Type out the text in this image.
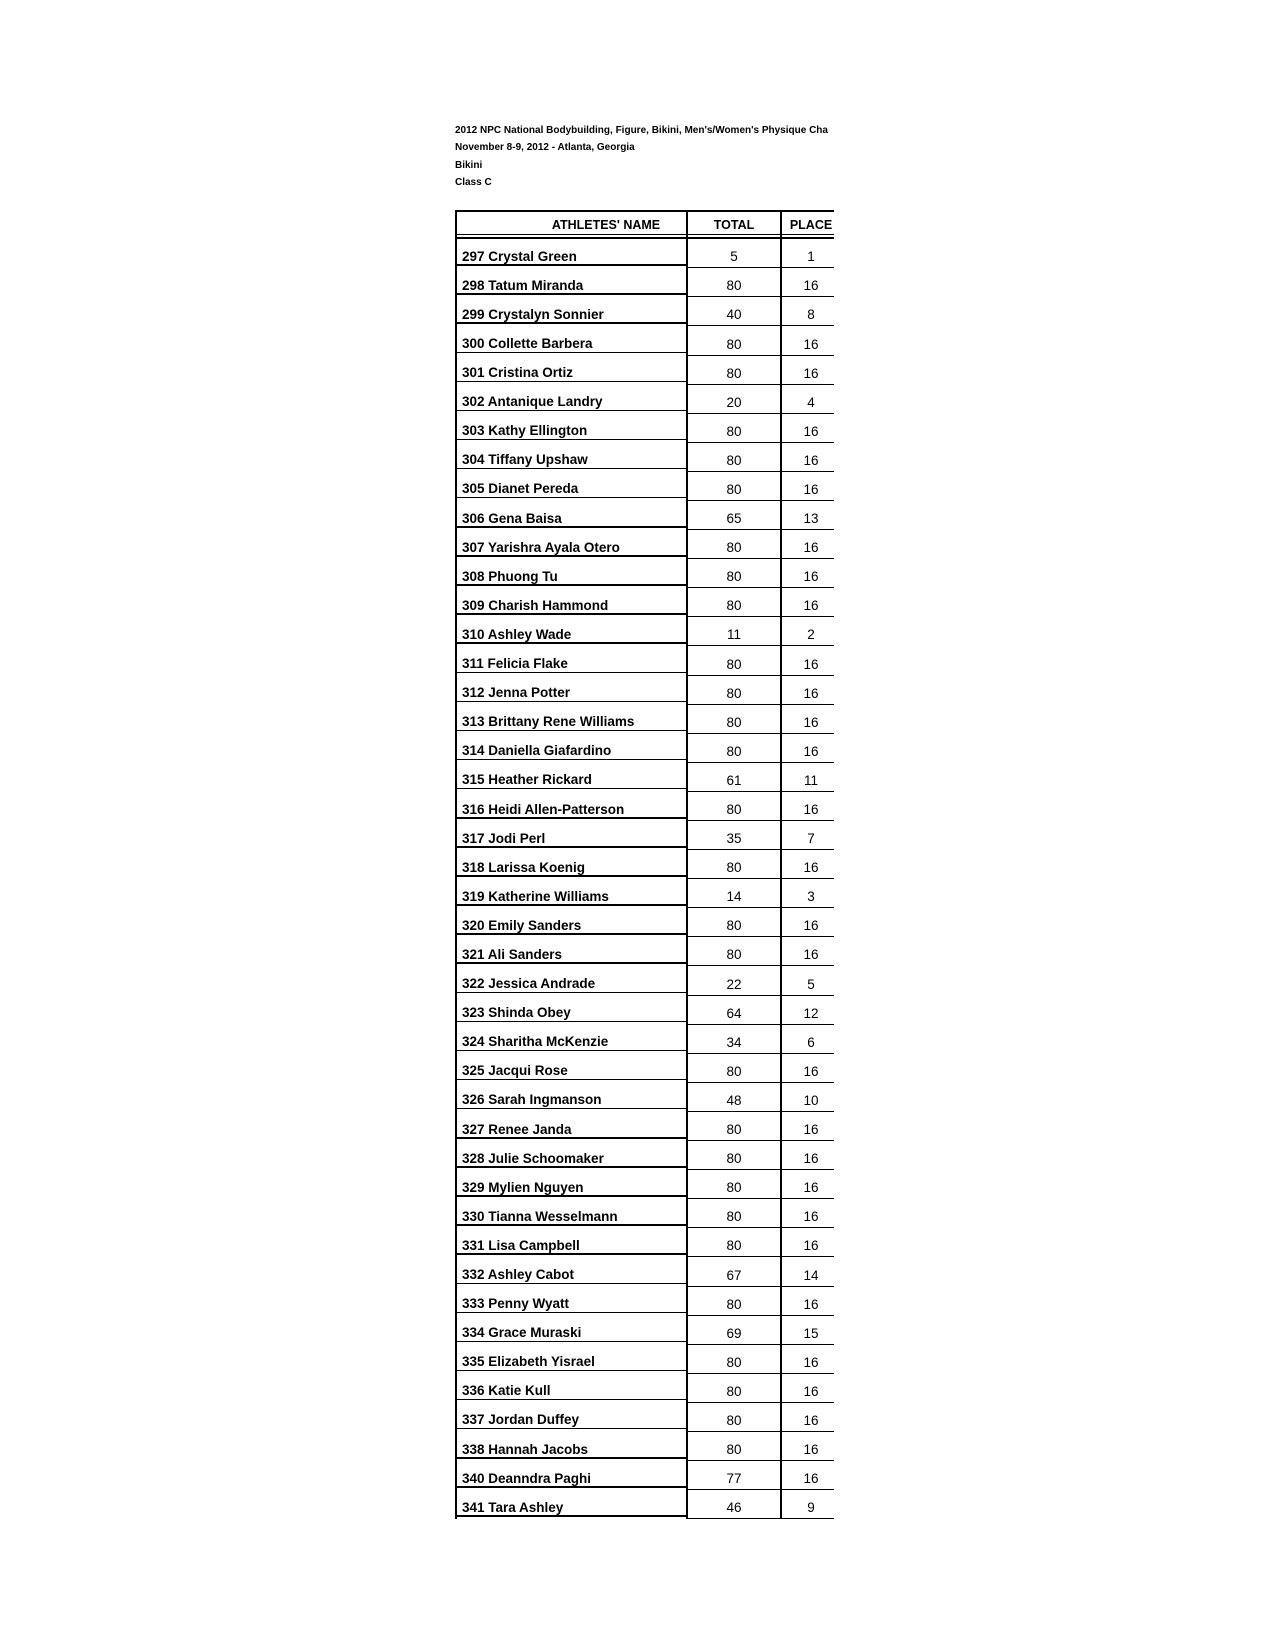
2012 NPC National Bodybuilding, Figure, Bikini, Men's/Women's Physique Cha
November 8-9, 2012 - Atlanta, Georgia
Bikini
Class C
ATHLETES' NAME	TOTAL	PLACE
297 Crystal Green	5	1
298 Tatum Miranda	80	16
299 Crystalyn Sonnier	40	8
300 Collette Barbera	80	16
301 Cristina Ortiz	80	16
302 Antanique Landry	20	4
303 Kathy Ellington	80	16
304 Tiffany Upshaw	80	16
305 Dianet Pereda	80	16
306 Gena Baisa	65	13
307 Yarishra Ayala Otero	80	16
308 Phuong Tu	80	16
309 Charish Hammond	80	16
310 Ashley Wade	11	2
311 Felicia Flake	80	16
312 Jenna Potter	80	16
313 Brittany Rene Williams	80	16
314 Daniella Giafardino	80	16
315 Heather Rickard	61	11
316 Heidi Allen-Patterson	80	16
317 Jodi Perl	35	7
318 Larissa Koenig	80	16
319 Katherine Williams	14	3
320 Emily Sanders	80	16
321 Ali Sanders	80	16
322 Jessica Andrade	22	5
323 Shinda Obey	64	12
324 Sharitha McKenzie	34	6
325 Jacqui Rose	80	16
326 Sarah Ingmanson	48	10
327 Renee Janda	80	16
328 Julie Schoomaker	80	16
329 Mylien Nguyen	80	16
330 Tianna Wesselmann	80	16
331 Lisa Campbell	80	16
332 Ashley Cabot	67	14
333 Penny Wyatt	80	16
334 Grace Muraski	69	15
335 Elizabeth Yisrael	80	16
336 Katie Kull	80	16
337 Jordan Duffey	80	16
338 Hannah Jacobs	80	16
340 Deanndra Paghi	77	16
341 Tara Ashley	46	9
